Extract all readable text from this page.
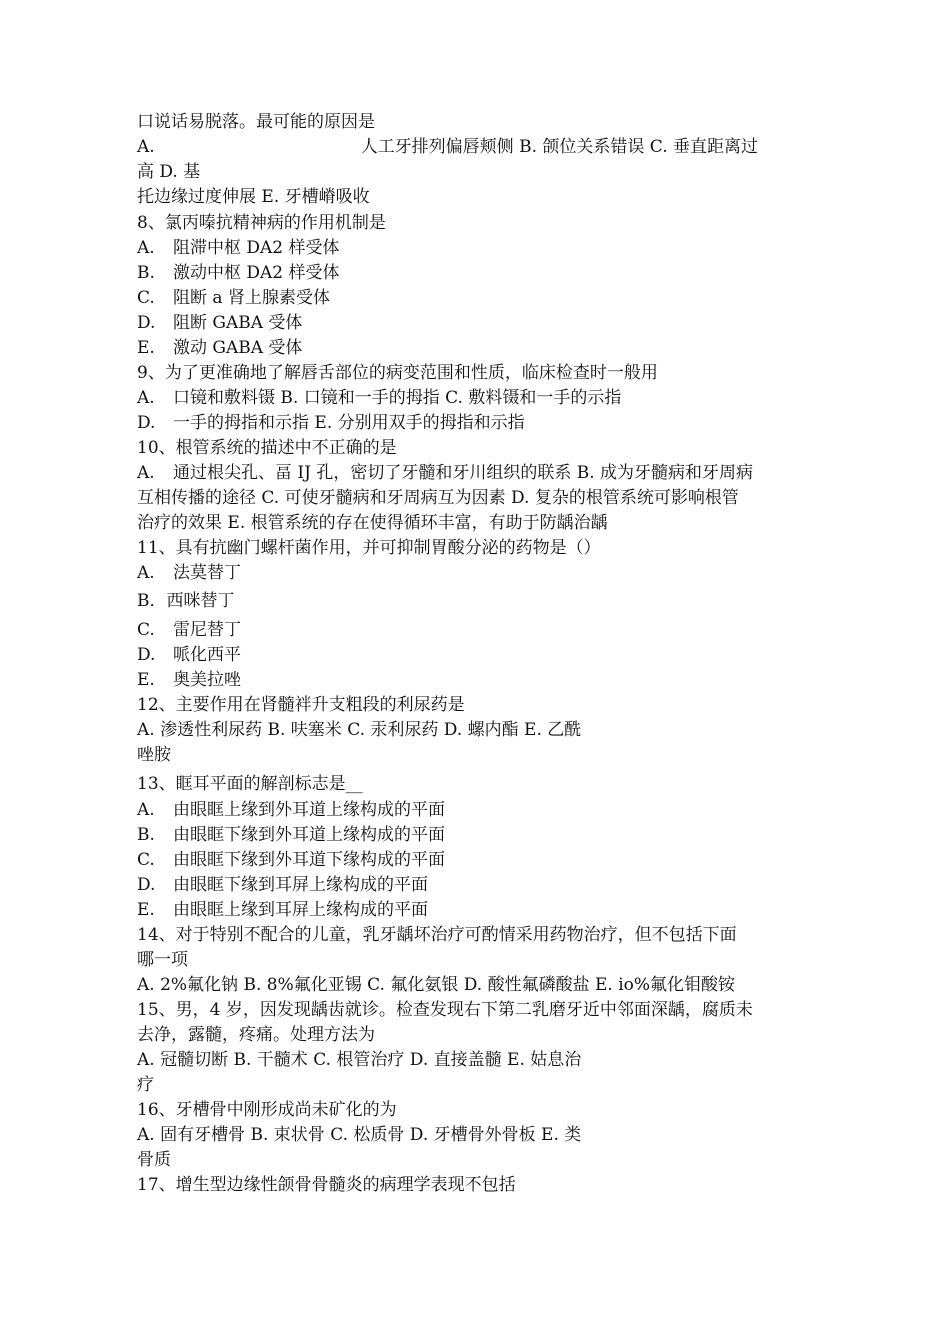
口说话易脱落。最可能的原因是
A.	人工牙排列偏唇颊侧 B. 颌位关系错误 C. 垂直距离过
高 D. 基
托边缘过度伸展 E. 牙槽嵴吸收
8、氯丙嗪抗精神病的作用机制是
A. 阻滞中枢 DA2 样受体
B. 激动中枢 DA2 样受体
C. 阻断 a 肾上腺素受体
D. 阻断 GABA 受体
E. 激动 GABA 受体
9、为了更准确地了解唇舌部位的病变范围和性质，临床检查时一般用
A. 口镜和敷料镊 B. 口镜和一手的拇指 C. 敷料镊和一手的示指
D. 一手的拇指和示指 E. 分别用双手的拇指和示指
10、根管系统的描述中不正确的是
A. 通过根尖孔、畐 IJ 孔，密切了牙髓和牙川组织的联系 B. 成为牙髓病和牙周病
互相传播的途径 C. 可使牙髓病和牙周病互为因素 D. 复杂的根管系统可影响根管
治疗的效果 E. 根管系统的存在使得循环丰富，有助于防龋治龋
11、具有抗幽门螺杆菌作用，并可抑制胃酸分泌的药物是（）
A. 法莫替丁
B．西咪替丁
C. 雷尼替丁
D. 哌化西平
E. 奥美拉唑
12、主要作用在肾髓袢升支粗段的利尿药是
A. 渗透性利尿药 B. 呋塞米 C. 汞利尿药 D. 螺内酯 E. 乙酰
唑胺
13、眶耳平面的解剖标志是__
A. 由眼眶上缘到外耳道上缘构成的平面
B. 由眼眶下缘到外耳道上缘构成的平面
C. 由眼眶下缘到外耳道下缘构成的平面
D. 由眼眶下缘到耳屏上缘构成的平面
E. 由眼眶上缘到耳屏上缘构成的平面
14、对于特别不配合的儿童，乳牙龋坏治疗可酌情采用药物治疗，但不包括下面
哪一项
A. 2%氟化钠 B. 8%氟化亚锡 C. 氟化氨银 D. 酸性氟磷酸盐 E. io%氟化钼酸铵
15、男，4 岁，因发现龋齿就诊。检查发现右下第二乳磨牙近中邻面深龋，腐质未
去净，露髓，疼痛。处理方法为
A. 冠髓切断 B. 干髓术 C. 根管治疗 D. 直接盖髓 E. 姑息治
疗
16、牙槽骨中刚形成尚未矿化的为
A. 固有牙槽骨 B. 束状骨 C. 松质骨 D. 牙槽骨外骨板 E. 类
骨质
17、增生型边缘性颌骨骨髓炎的病理学表现不包括
